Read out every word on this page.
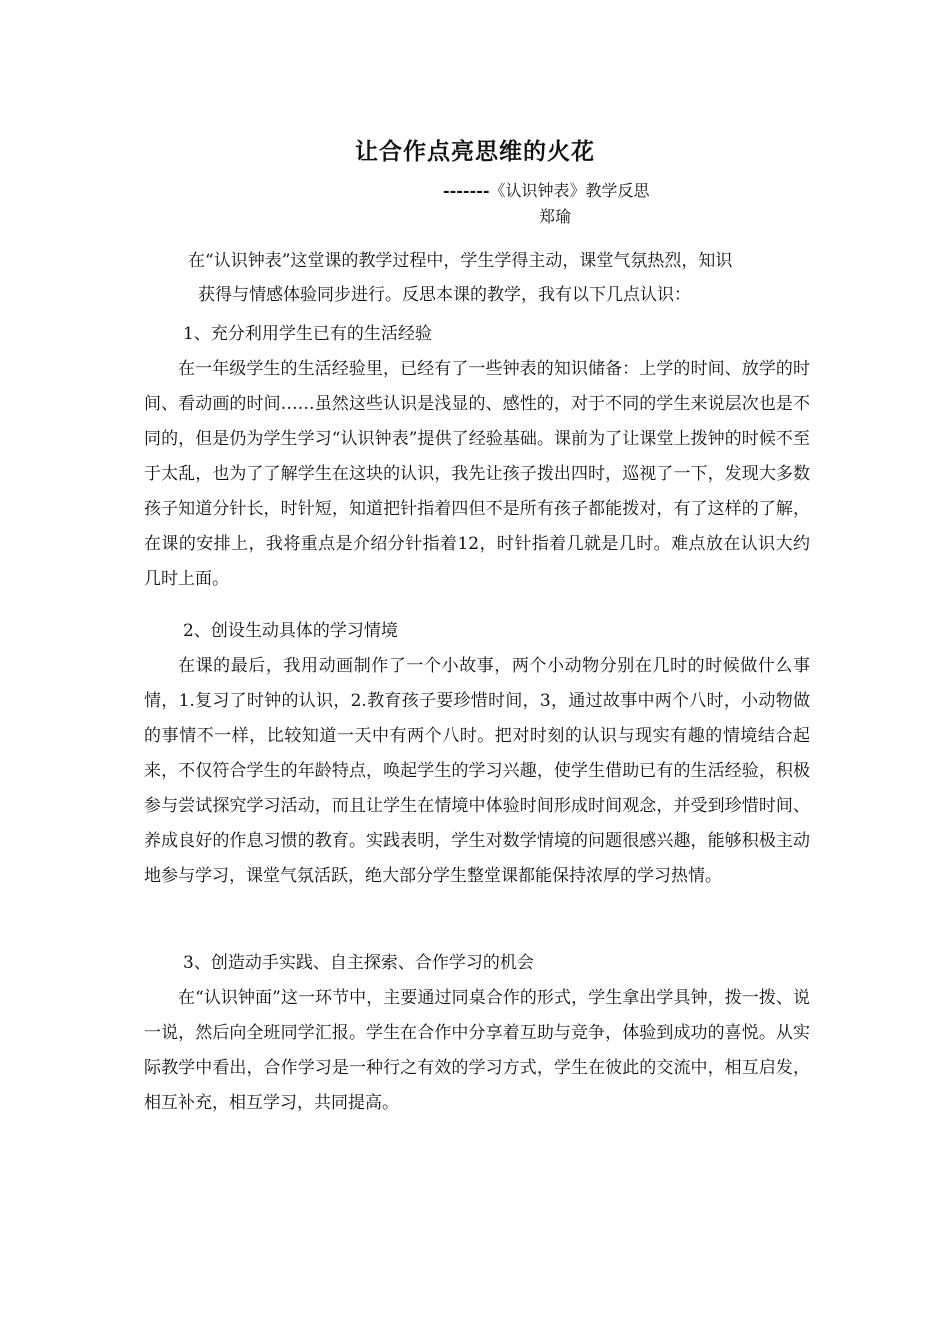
让合作点亮思维的火花
-------《认识钟表》教学反思
郑瑜
在“认识钟表”这堂课的教学过程中，学生学得主动，课堂气氛热烈，知识
获得与情感体验同步进行。反思本课的教学，我有以下几点认识：

1、充分利用学生已有的生活经验

在一年级学生的生活经验里，已经有了一些钟表的知识储备：上学的时间、放学的时间、看动画的时间……虽然这些认识是浅显的、感性的，对于不同的学生来说层次也是不同的，但是仍为学生学习“认识钟表”提供了经验基础。课前为了让课堂上拨钟的时候不至于太乱，也为了了解学生在这块的认识，我先让孩子拨出四时，巡视了一下，发现大多数孩子知道分针长，时针短，知道把针指着四但不是所有孩子都能拨对，有了这样的了解，在课的安排上，我将重点是介绍分针指着12，时针指着几就是几时。难点放在认识大约几时上面。

2、创设生动具体的学习情境

在课的最后，我用动画制作了一个小故事，两个小动物分别在几时的时候做什么事情，1.复习了时钟的认识，2.教育孩子要珍惜时间，3，通过故事中两个八时，小动物做的事情不一样，比较知道一天中有两个八时。把对时刻的认识与现实有趣的情境结合起来，不仅符合学生的年龄特点，唤起学生的学习兴趣，使学生借助已有的生活经验，积极参与尝试探究学习活动，而且让学生在情境中体验时间形成时间观念，并受到珍惜时间、养成良好的作息习惯的教育。实践表明，学生对数学情境的问题很感兴趣，能够积极主动地参与学习，课堂气氛活跃，绝大部分学生整堂课都能保持浓厚的学习热情。

3、创造动手实践、自主探索、合作学习的机会

在“认识钟面”这一环节中，主要通过同桌合作的形式，学生拿出学具钟，拨一拨、说一说，然后向全班同学汇报。学生在合作中分享着互助与竞争，体验到成功的喜悦。从实际教学中看出，合作学习是一种行之有效的学习方式，学生在彼此的交流中，相互启发，相互补充，相互学习，共同提高。
